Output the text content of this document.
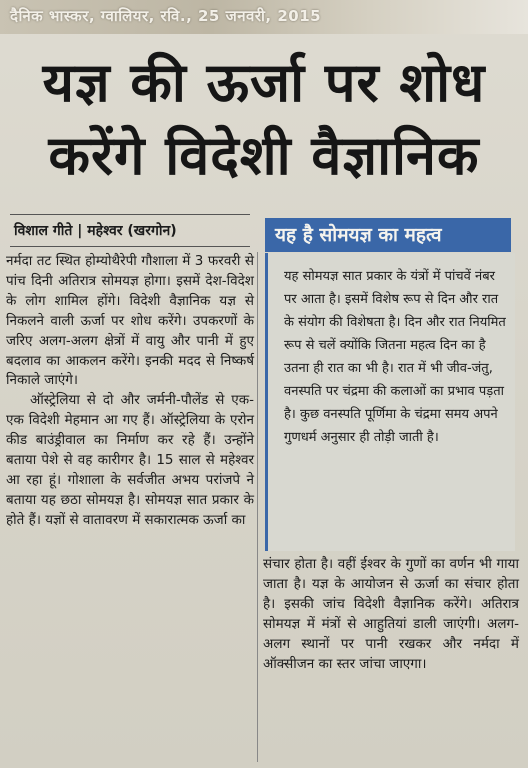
दैनिक भास्कर, ग्वालियर, रवि., 25 जनवरी, 2015
यज्ञ की ऊर्जा पर शोध
करेंगे विदेशी वैज्ञानिक
विशाल गीते | महेश्वर (खरगोन)

नर्मदा तट स्थित होम्योथैरेपी गौशाला में 3 फरवरी से पांच दिनी अतिरात्र सोमयज्ञ होगा। इसमें देश-विदेश के लोग शामिल होंगे। विदेशी वैज्ञानिक यज्ञ से निकलने वाली ऊर्जा पर शोध करेंगे। उपकरणों के जरिए अलग-अलग क्षेत्रों में वायु और पानी में हुए बदलाव का आकलन करेंगे। इनकी मदद से निष्कर्ष निकाले जाएंगे।

ऑस्ट्रेलिया से दो और जर्मनी-पौलेंड से एक-एक विदेशी मेहमान आ गए हैं। ऑस्ट्रेलिया के एरोन कीड बाउंड्रीवाल का निर्माण कर रहे हैं। उन्होंने बताया पेशे से वह कारीगर है। 15 साल से महेश्वर आ रहा हूं। गोशाला के सर्वजीत अभय परांजपे ने बताया यह छठा सोमयज्ञ है। सोमयज्ञ सात प्रकार के होते हैं। यज्ञों से वातावरण में सकारात्मक ऊर्जा का

यह है सोमयज्ञ का महत्व
यह सोमयज्ञ सात प्रकार के यंत्रों में पांचवें नंबर पर आता है। इसमें विशेष रूप से दिन और रात के संयोग की विशेषता है। दिन और रात नियमित रूप से चलें क्योंकि जितना महत्व दिन का है उतना ही रात का भी है। रात में भी जीव-जंतु, वनस्पति पर चंद्रमा की कलाओं का प्रभाव पड़ता है। कुछ वनस्पति पूर्णिमा के चंद्रमा समय अपने गुणधर्म अनुसार ही तोड़ी जाती है।

संचार होता है। वहीं ईश्वर के गुणों का वर्णन भी गाया जाता है। यज्ञ के आयोजन से ऊर्जा का संचार होता है। इसकी जांच विदेशी वैज्ञानिक करेंगे। अतिरात्र सोमयज्ञ में मंत्रों से आहुतियां डाली जाएंगी। अलग-अलग स्थानों पर पानी रखकर और नर्मदा में ऑक्सीजन का स्तर जांचा जाएगा।
